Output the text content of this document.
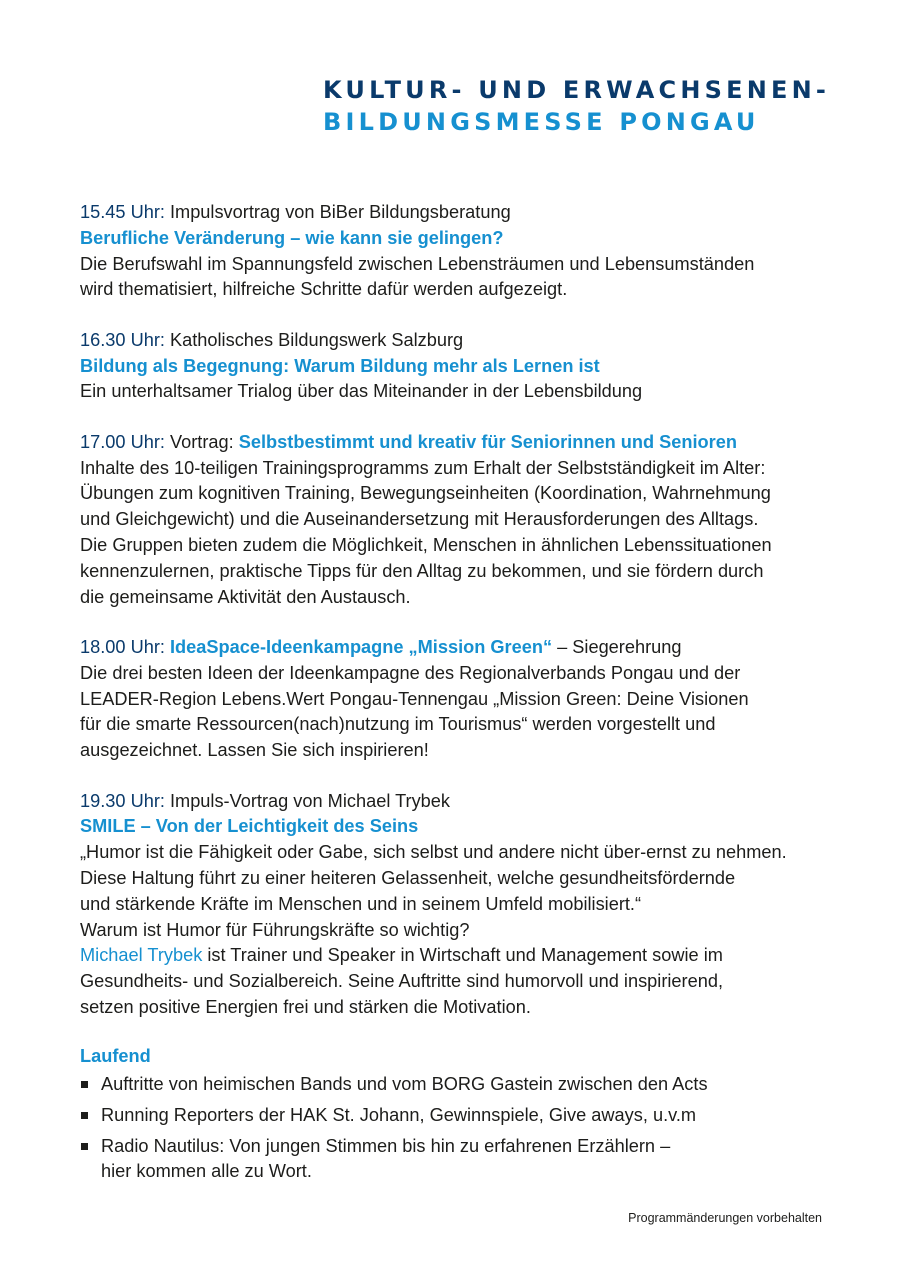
KULTUR- UND ERWACHSENEN-
BILDUNGSMESSE PONGAU
15.45 Uhr: Impulsvortrag von BiBer Bildungsberatung
Berufliche Veränderung – wie kann sie gelingen?
Die Berufswahl im Spannungsfeld zwischen Lebensträumen und Lebensumständen
wird thematisiert, hilfreiche Schritte dafür werden aufgezeigt.
16.30 Uhr: Katholisches Bildungswerk Salzburg
Bildung als Begegnung: Warum Bildung mehr als Lernen ist
Ein unterhaltsamer Trialog über das Miteinander in der Lebensbildung
17.00 Uhr: Vortrag: Selbstbestimmt und kreativ für Seniorinnen und Senioren
Inhalte des 10-teiligen Trainingsprogramms zum Erhalt der Selbstständigkeit im Alter:
Übungen zum kognitiven Training, Bewegungseinheiten (Koordination, Wahrnehmung
und Gleichgewicht) und die Auseinandersetzung mit Herausforderungen des Alltags.
Die Gruppen bieten zudem die Möglichkeit, Menschen in ähnlichen Lebenssituationen
kennenzulernen, praktische Tipps für den Alltag zu bekommen, und sie fördern durch
die gemeinsame Aktivität den Austausch.
18.00 Uhr: IdeaSpace-Ideenkampagne „Mission Green“ – Siegerehrung
Die drei besten Ideen der Ideenkampagne des Regionalverbands Pongau und der
LEADER-Region Lebens.Wert Pongau-Tennengau „Mission Green: Deine Visionen
für die smarte Ressourcen(nach)nutzung im Tourismus“ werden vorgestellt und
ausgezeichnet. Lassen Sie sich inspirieren!
19.30 Uhr: Impuls-Vortrag von Michael Trybek
SMILE – Von der Leichtigkeit des Seins
„Humor ist die Fähigkeit oder Gabe, sich selbst und andere nicht über-ernst zu nehmen.
Diese Haltung führt zu einer heiteren Gelassenheit, welche gesundheitsfördernde
und stärkende Kräfte im Menschen und in seinem Umfeld mobilisiert.“
Warum ist Humor für Führungskräfte so wichtig?
Michael Trybek ist Trainer und Speaker in Wirtschaft und Management sowie im
Gesundheits- und Sozialbereich. Seine Auftritte sind humorvoll und inspirierend,
setzen positive Energien frei und stärken die Motivation.
Laufend
Auftritte von heimischen Bands und vom BORG Gastein zwischen den Acts
Running Reporters der HAK St. Johann, Gewinnspiele, Give aways, u.v.m
Radio Nautilus: Von jungen Stimmen bis hin zu erfahrenen Erzählern –
hier kommen alle zu Wort.
Programmänderungen vorbehalten
